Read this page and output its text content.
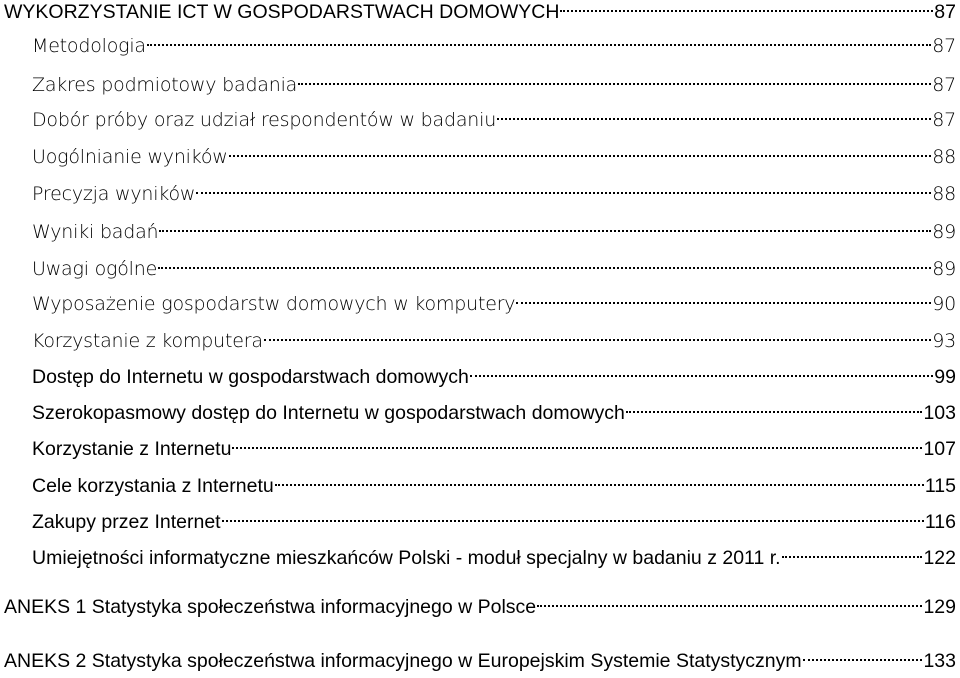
WYKORZYSTANIE ICT W GOSPODARSTWACH DOMOWYCH	87
Metodologia	87
Zakres podmiotowy badania	87
Dobór próby oraz udział respondentów w badaniu	87
Uogólnianie wyników	88
Precyzja wyników	88
Wyniki badań	89
Uwagi ogólne	89
Wyposażenie gospodarstw domowych w komputery	90
Korzystanie z komputera	93
Dostęp do Internetu w gospodarstwach domowych	99
Szerokopasmowy dostęp do Internetu w gospodarstwach domowych	103
Korzystanie z Internetu	107
Cele korzystania z Internetu	115
Zakupy przez Internet	116
Umiejętności informatyczne mieszkańców Polski - moduł specjalny w badaniu z 2011 r.	122
ANEKS 1 Statystyka społeczeństwa informacyjnego w Polsce	129
ANEKS 2 Statystyka społeczeństwa informacyjnego w Europejskim Systemie Statystycznym	133
